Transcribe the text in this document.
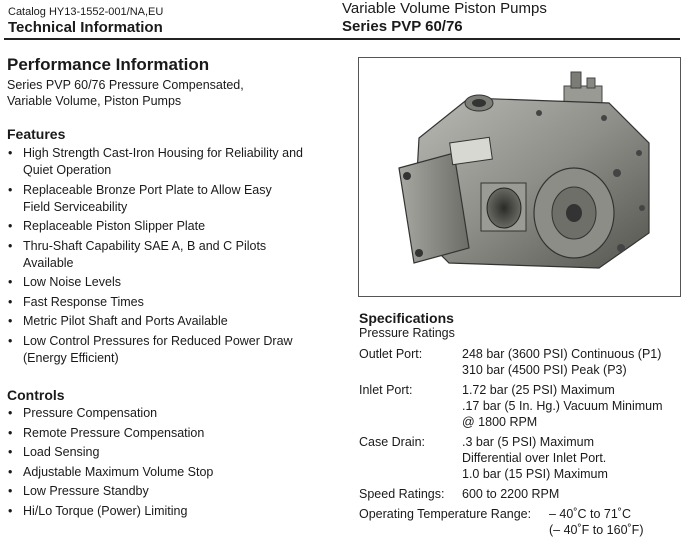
Catalog HY13-1552-001/NA,EU
Technical Information
Variable Volume Piston Pumps
Series PVP 60/76
Performance Information
Series PVP 60/76 Pressure Compensated,
Variable Volume, Piston Pumps
Features
• High Strength Cast-Iron Housing for Reliability and
Quiet Operation
• Replaceable Bronze Port Plate to Allow Easy
Field Serviceability
• Replaceable Piston Slipper Plate
• Thru-Shaft Capability SAE A, B and C Pilots
Available
• Low Noise Levels
• Fast Response Times
• Metric Pilot Shaft and Ports Available
• Low Control Pressures for Reduced Power Draw
(Energy Efficient)
Controls
• Pressure Compensation
• Remote Pressure Compensation
• Load Sensing
• Adjustable Maximum Volume Stop
• Low Pressure Standby
• Hi/Lo Torque (Power) Limiting
Specifications
Pressure Ratings
Outlet Port:	248 bar (3600 PSI) Continuous (P1)
310 bar (4500 PSI) Peak (P3)
Inlet Port:	1.72 bar (25 PSI) Maximum
.17 bar (5 In. Hg.) Vacuum Minimum
@ 1800 RPM
Case Drain:	.3 bar (5 PSI) Maximum
Differential over Inlet Port.
1.0 bar (15 PSI) Maximum
Speed Ratings: 600 to 2200 RPM
Operating Temperature Range: – 40˚C to 71˚C
(– 40˚F to 160˚F)
